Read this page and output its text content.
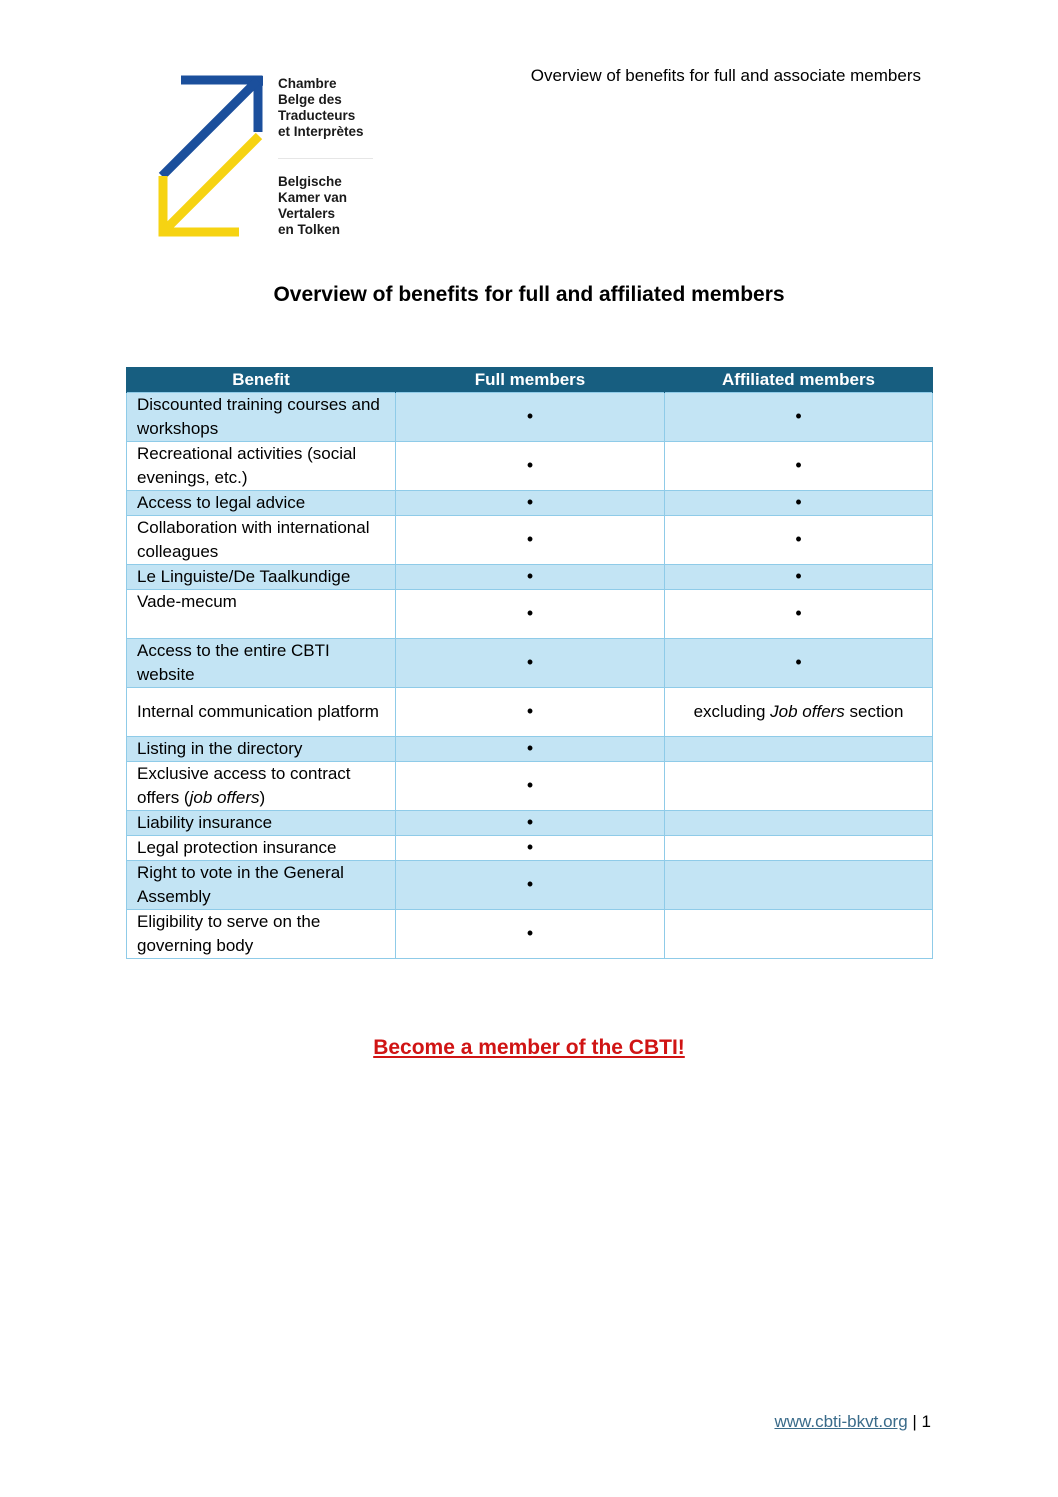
Overview of benefits for full and associate members
Chambre
Belge des
Traducteurs
et Interprètes
Belgische
Kamer van
Vertalers
en Tolken
Overview of benefits for full and affiliated members
Benefit	Full members	Affiliated members
Discounted training courses and workshops	•	•
Recreational activities (social evenings, etc.)	•	•
Access to legal advice	•	•
Collaboration with international colleagues	•	•
Le Linguiste/De Taalkundige	•	•
Vade-mecum	•	•
Access to the entire CBTI website	•	•
Internal communication platform	•	excluding Job offers section
Listing in the directory	•	
Exclusive access to contract offers (job offers)	•	
Liability insurance	•	
Legal protection insurance	•	
Right to vote in the General Assembly	•	
Eligibility to serve on the governing body	•	
Become a member of the CBTI!
www.cbti-bkvt.org | 1
